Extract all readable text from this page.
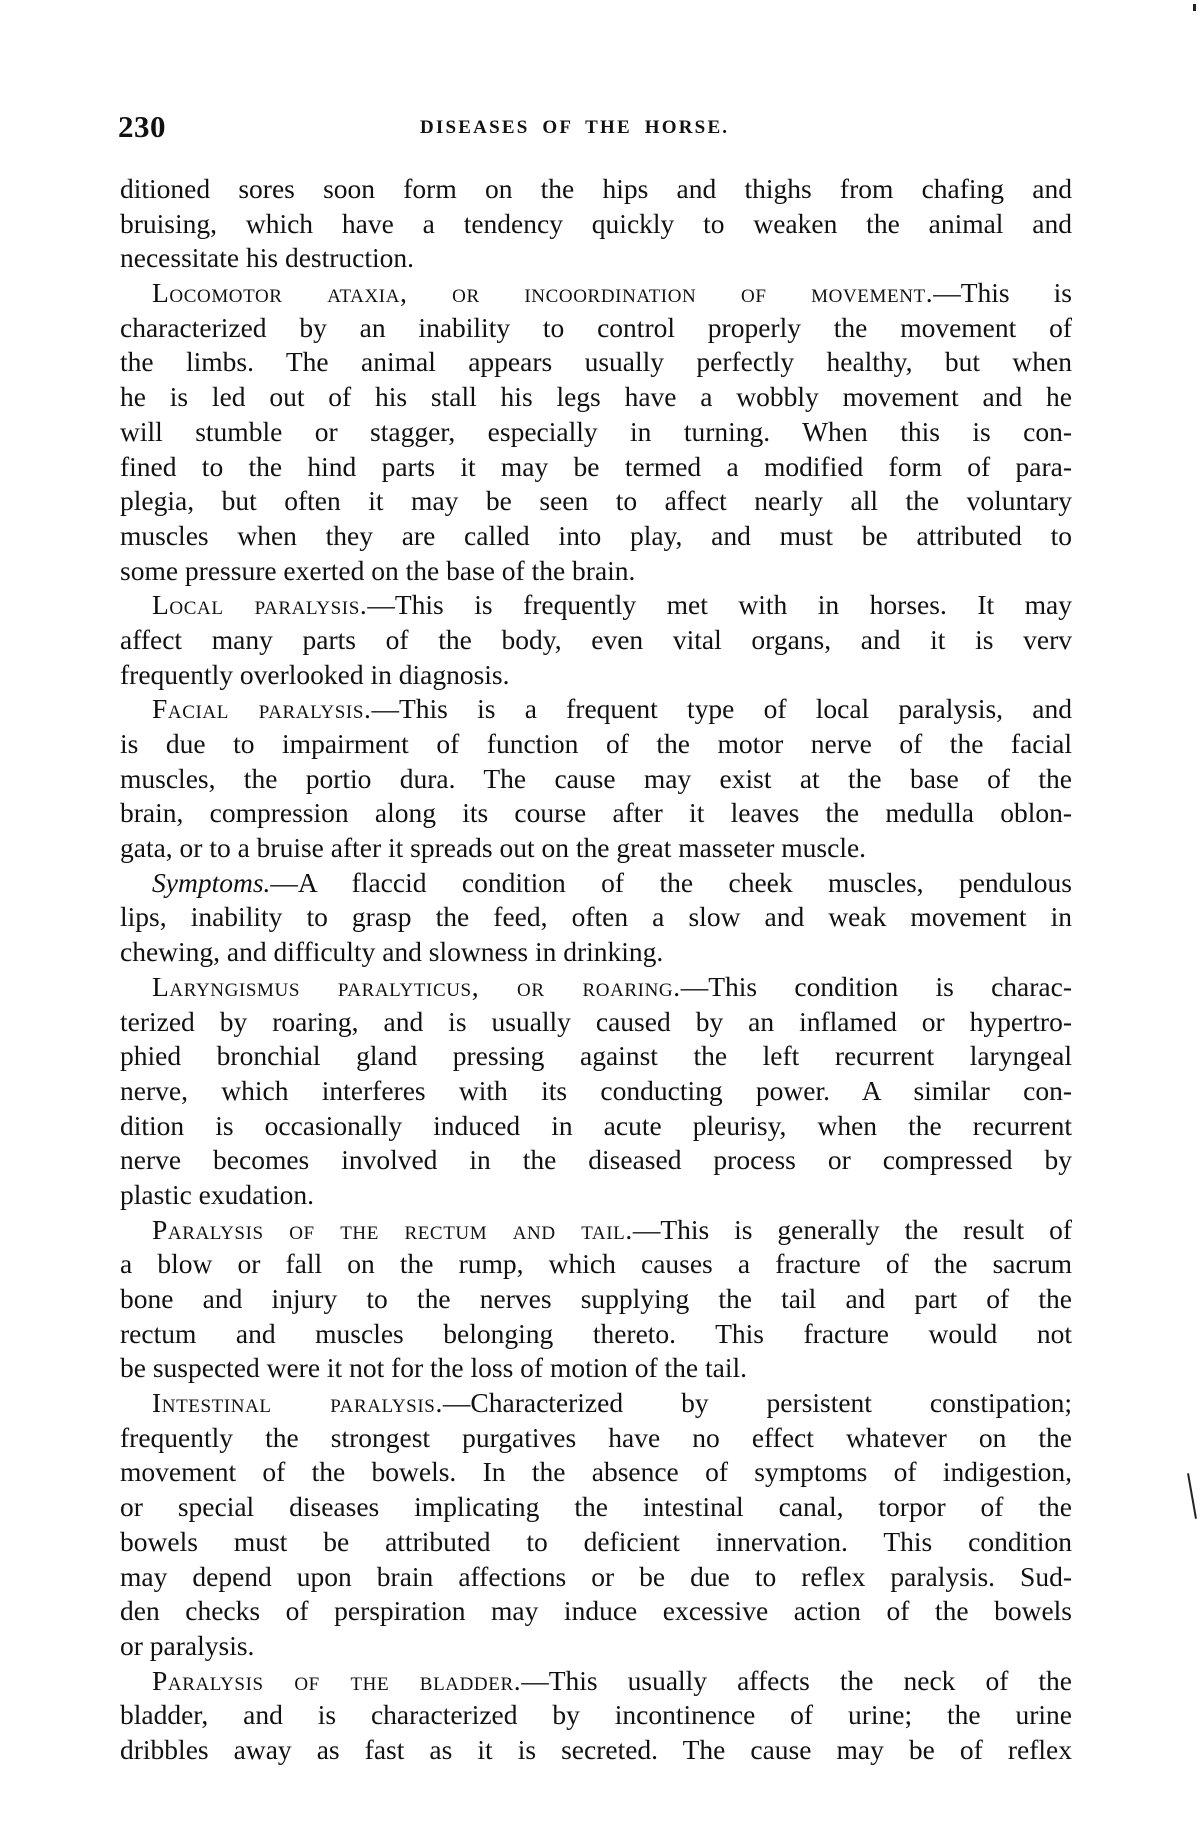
230	DISEASES OF THE HORSE.
ditioned sores soon form on the hips and thighs from chafing and
bruising, which have a tendency quickly to weaken the animal and
necessitate his destruction.
Locomotor ataxia, or incoordination of movement.—This is
characterized by an inability to control properly the movement of
the limbs. The animal appears usually perfectly healthy, but when
he is led out of his stall his legs have a wobbly movement and he
will stumble or stagger, especially in turning. When this is con-
fined to the hind parts it may be termed a modified form of para-
plegia, but often it may be seen to affect nearly all the voluntary
muscles when they are called into play, and must be attributed to
some pressure exerted on the base of the brain.
Local paralysis.—This is frequently met with in horses. It may
affect many parts of the body, even vital organs, and it is verv
frequently overlooked in diagnosis.
Facial paralysis.—This is a frequent type of local paralysis, and
is due to impairment of function of the motor nerve of the facial
muscles, the portio dura. The cause may exist at the base of the
brain, compression along its course after it leaves the medulla oblon-
gata, or to a bruise after it spreads out on the great masseter muscle.
Symptoms.—A flaccid condition of the cheek muscles, pendulous
lips, inability to grasp the feed, often a slow and weak movement in
chewing, and difficulty and slowness in drinking.
Laryngismus paralyticus, or roaring.—This condition is charac-
terized by roaring, and is usually caused by an inflamed or hypertro-
phied bronchial gland pressing against the left recurrent laryngeal
nerve, which interferes with its conducting power. A similar con-
dition is occasionally induced in acute pleurisy, when the recurrent
nerve becomes involved in the diseased process or compressed by
plastic exudation.
Paralysis of the rectum and tail.—This is generally the result of
a blow or fall on the rump, which causes a fracture of the sacrum
bone and injury to the nerves supplying the tail and part of the
rectum and muscles belonging thereto. This fracture would not
be suspected were it not for the loss of motion of the tail.
Intestinal paralysis.—Characterized by persistent constipation;
frequently the strongest purgatives have no effect whatever on the
movement of the bowels. In the absence of symptoms of indigestion,
or special diseases implicating the intestinal canal, torpor of the
bowels must be attributed to deficient innervation. This condition
may depend upon brain affections or be due to reflex paralysis. Sud-
den checks of perspiration may induce excessive action of the bowels
or paralysis.
Paralysis of the bladder.—This usually affects the neck of the
bladder, and is characterized by incontinence of urine; the urine
dribbles away as fast as it is secreted. The cause may be of reflex
